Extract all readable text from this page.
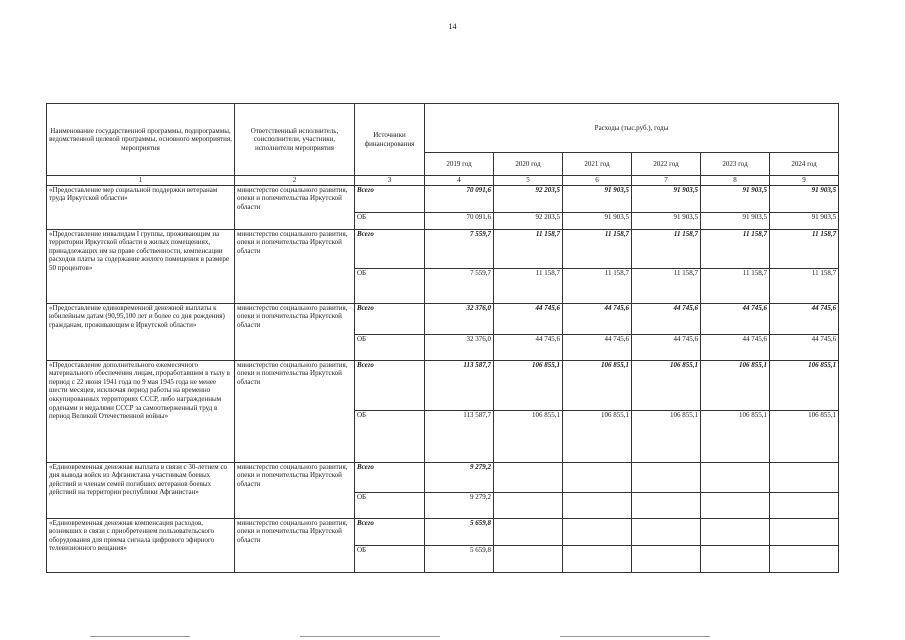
14
Наименование государственной программы, подпрограммы, ведомственной целевой программы, основного мероприятия, мероприятия	Ответственный исполнитель, соисполнители, участники, исполнители мероприятия	Источники финансирования	Расходы (тыс.руб.), годы					
			2019 год	2020 год	2021 год	2022 год	2023 год	2024 год
1	2	3	4	5	6	7	8	9
«Предоставление мер социальной поддержки ветеранам труда Иркутской области»	министерство социального развития, опеки и попечительства Иркутской области	Всего	70 091,6	92 203,5	91 903,5	91 903,5	91 903,5	91 903,5
		ОБ	70 091,6	92 203,5	91 903,5	91 903,5	91 903,5	91 903,5
«Предоставление инвалидам I группы, проживающим на территории Иркутской области в жилых помещениях, принадлежащих им на праве собственности, компенсации расходов платы за содержание жилого помещения в размере 50 процентов»	министерство социального развития, опеки и попечительства Иркутской области	Всего	7 559,7	11 158,7	11 158,7	11 158,7	11 158,7	11 158,7
		ОБ	7 559,7	11 158,7	11 158,7	11 158,7	11 158,7	11 158,7
«Предоставление единовременной денежной выплаты к юбилейным датам (90,95,100 лет и более со дня рождения) гражданам, проживающим в Иркутской области»	министерство социального развития, опеки и попечительства Иркутской области	Всего	32 376,0	44 745,6	44 745,6	44 745,6	44 745,6	44 745,6
		ОБ	32 376,0	44 745,6	44 745,6	44 745,6	44 745,6	44 745,6
«Предоставление дополнительного ежемесячного материального обеспечения лицам, проработавшим в тылу в период с 22 июня 1941 года по 9 мая 1945 года не менее шести месяцев, исключая период работы на временно оккупированных территориях СССР, либо награжденным орденами и медалями СССР за самоотверженный труд в период Великой Отечественной войны»	министерство социального развития, опеки и попечительства Иркутской области	Всего	113 587,7	106 855,1	106 855,1	106 855,1	106 855,1	106 855,1
		ОБ	113 587,7	106 855,1	106 855,1	106 855,1	106 855,1	106 855,1
«Единовременная денежная выплата в связи с 30-летием со дня вывода войск из Афганистана участникам боевых действий и членам семей погибших ветеранов боевых действий на территории республики Афганистан»	министерство социального развития, опеки и попечительства Иркутской области	Всего	9 279,2					
		ОБ	9 279,2					
«Единовременная денежная компенсация расходов, возникших в связи с приобретением пользовательского оборудования для приема сигнала цифрового эфирного телевизионного вещания»	министерство социального развития, опеки и попечительства Иркутской области	Всего	5 659,8					
		ОБ	5 659,8					
